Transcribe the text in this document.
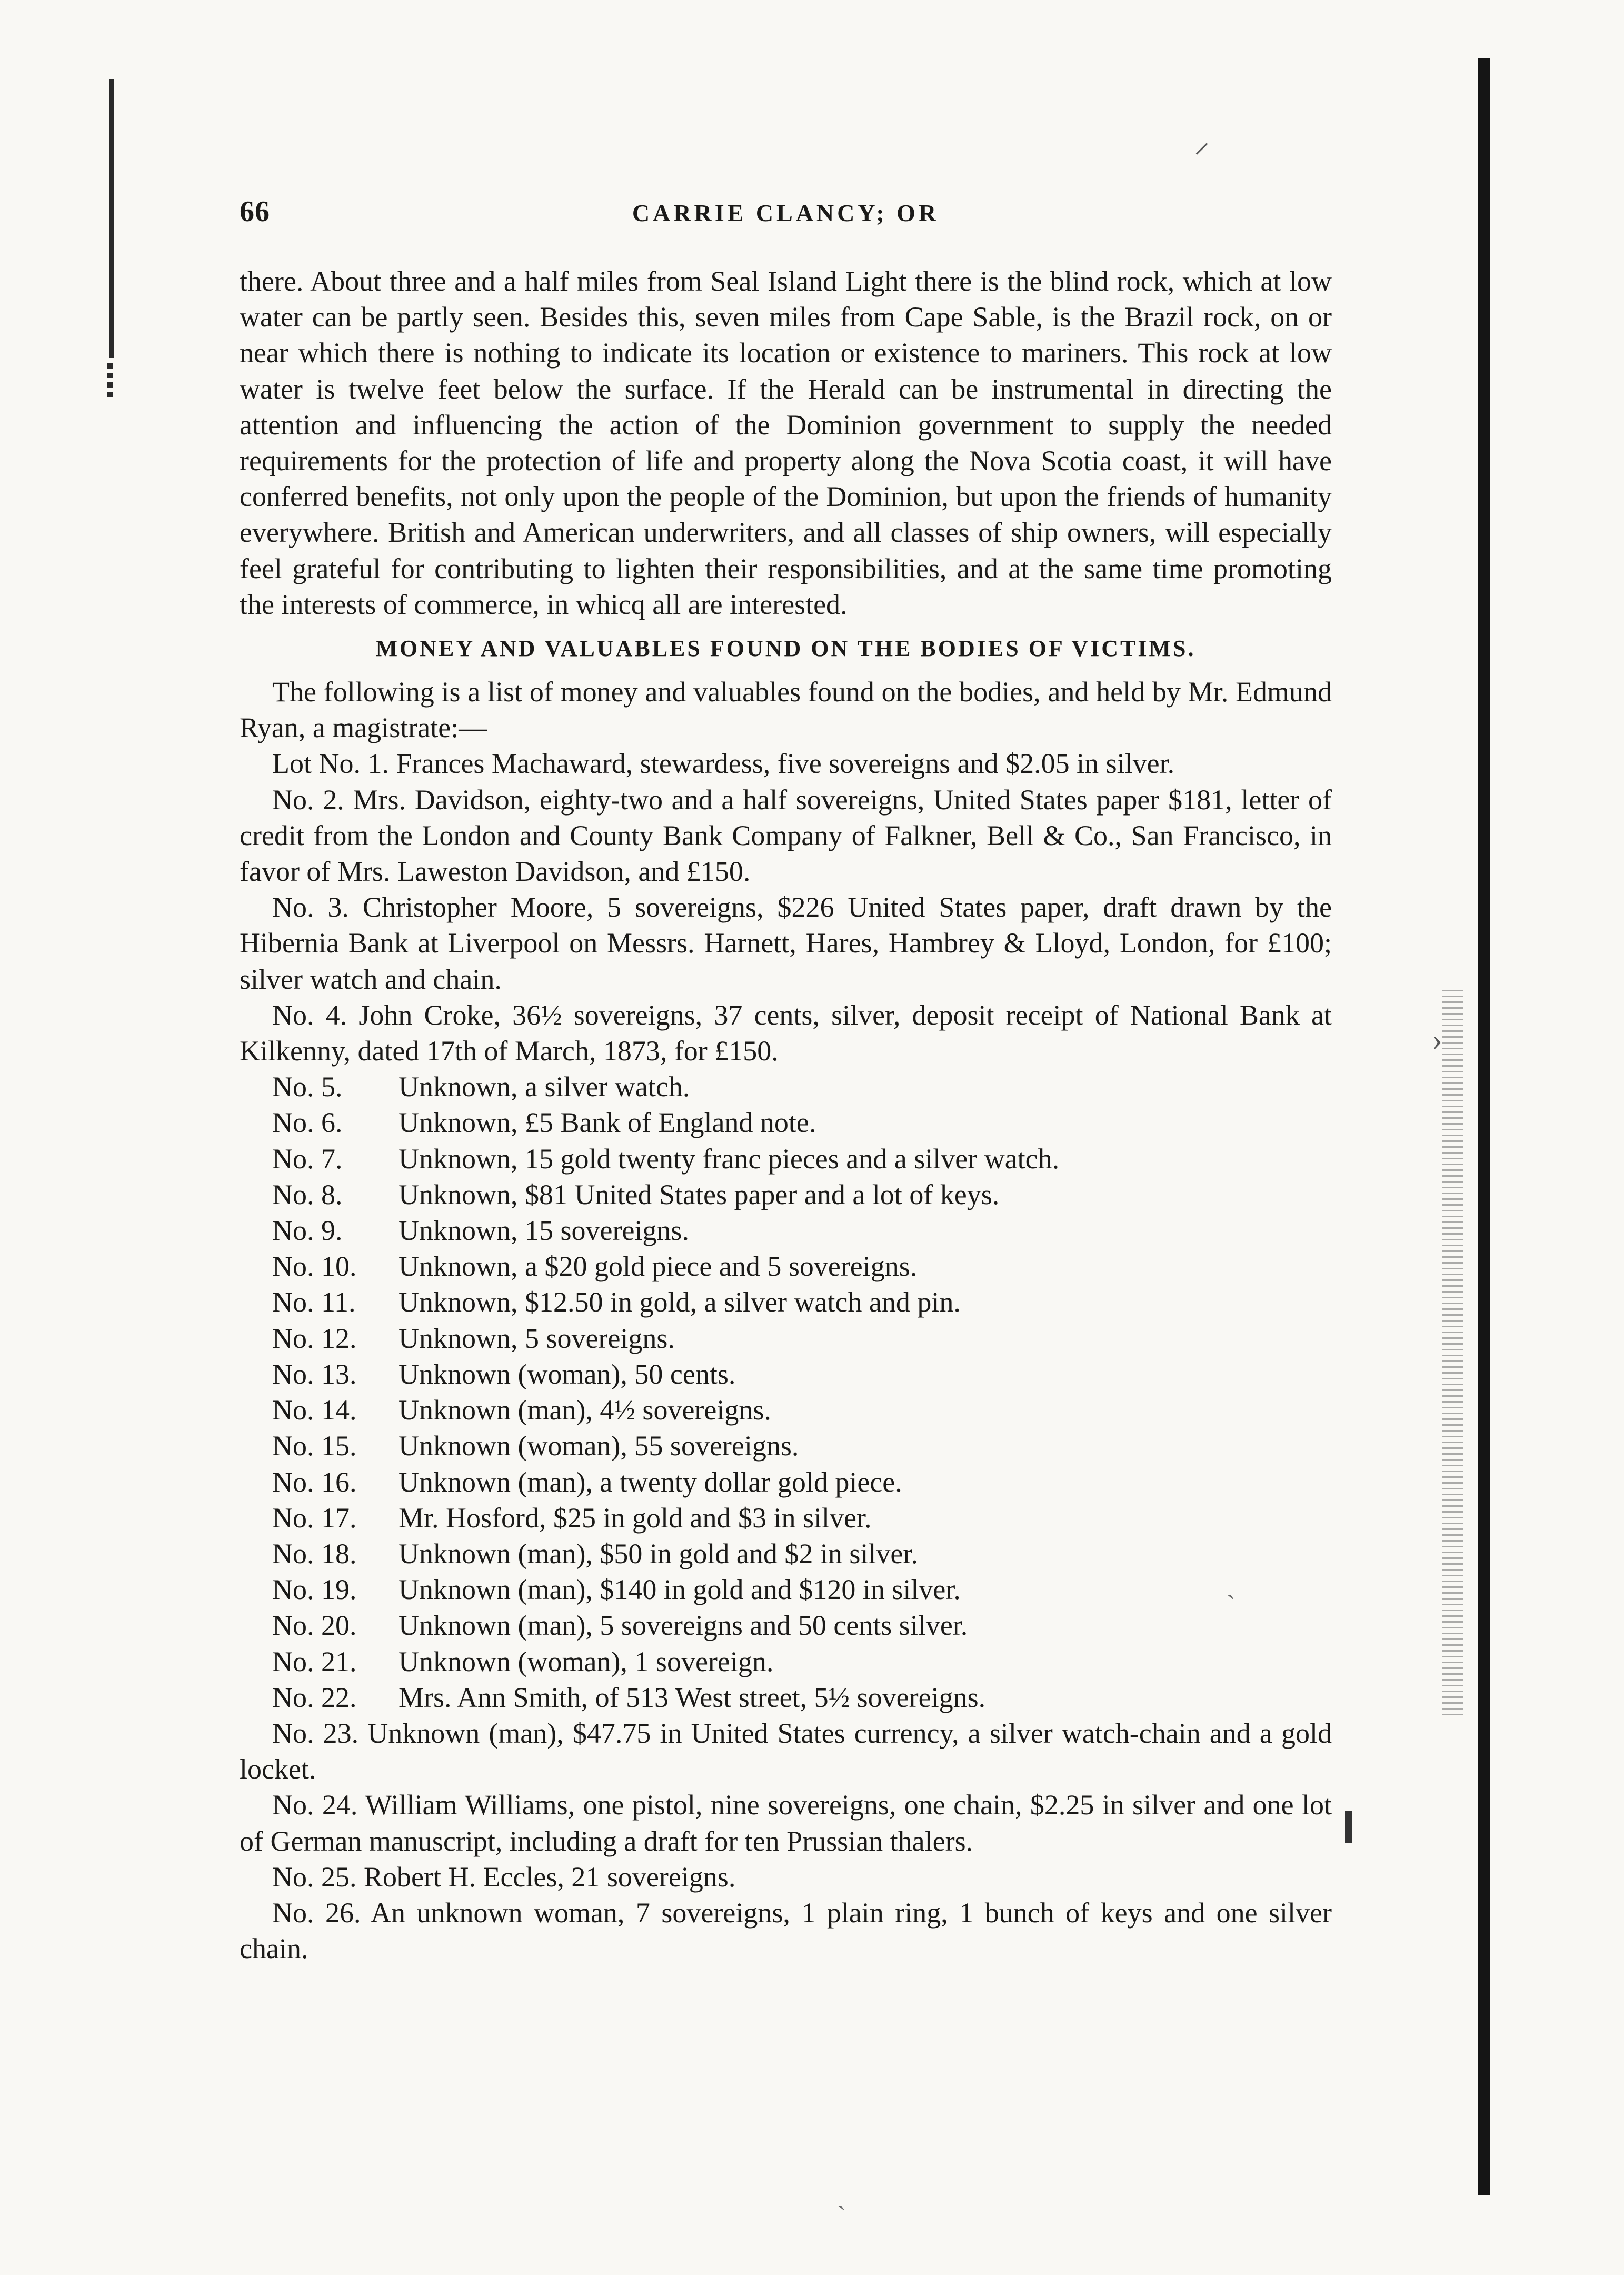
⸝
›
ˎ
ˏ
66	CARRIE CLANCY; OR

there. About three and a half miles from Seal Island Light there is the blind rock, which at low water can be partly seen. Besides this, seven miles from Cape Sable, is the Brazil rock, on or near which there is nothing to indicate its location or existence to mariners. This rock at low water is twelve feet below the surface. If the Herald can be instrumental in directing the attention and influencing the action of the Dominion government to supply the needed requirements for the protection of life and property along the Nova Scotia coast, it will have conferred benefits, not only upon the people of the Dominion, but upon the friends of humanity everywhere. British and American underwriters, and all classes of ship owners, will especially feel grateful for contributing to lighten their responsibilities, and at the same time promoting the interests of commerce, in whicq all are interested.

MONEY AND VALUABLES FOUND ON THE BODIES OF VICTIMS.

The following is a list of money and valuables found on the bodies, and held by Mr. Edmund Ryan, a magistrate:—

Lot No. 1. Frances Machaward, stewardess, five sovereigns and $2.05 in silver.

No. 2. Mrs. Davidson, eighty-two and a half sovereigns, United States paper $181, letter of credit from the London and County Bank Company of Falkner, Bell & Co., San Francisco, in favor of Mrs. Laweston Davidson, and £150.

No. 3. Christopher Moore, 5 sovereigns, $226 United States paper, draft drawn by the Hibernia Bank at Liverpool on Messrs. Harnett, Hares, Hambrey & Lloyd, London, for £100; silver watch and chain.

No. 4. John Croke, 36½ sovereigns, 37 cents, silver, deposit receipt of National Bank at Kilkenny, dated 17th of March, 1873, for £150.

No. 5. Unknown, a silver watch.

No. 6. Unknown, £5 Bank of England note.

No. 7. Unknown, 15 gold twenty franc pieces and a silver watch.

No. 8. Unknown, $81 United States paper and a lot of keys.

No. 9. Unknown, 15 sovereigns.

No. 10. Unknown, a $20 gold piece and 5 sovereigns.

No. 11. Unknown, $12.50 in gold, a silver watch and pin.

No. 12. Unknown, 5 sovereigns.

No. 13. Unknown (woman), 50 cents.

No. 14. Unknown (man), 4½ sovereigns.

No. 15. Unknown (woman), 55 sovereigns.

No. 16. Unknown (man), a twenty dollar gold piece.

No. 17. Mr. Hosford, $25 in gold and $3 in silver.

No. 18. Unknown (man), $50 in gold and $2 in silver.

No. 19. Unknown (man), $140 in gold and $120 in silver.

No. 20. Unknown (man), 5 sovereigns and 50 cents silver.

No. 21. Unknown (woman), 1 sovereign.

No. 22. Mrs. Ann Smith, of 513 West street, 5½ sovereigns.

No. 23. Unknown (man), $47.75 in United States currency, a silver watch-chain and a gold locket.

No. 24. William Williams, one pistol, nine sovereigns, one chain, $2.25 in silver and one lot of German manuscript, including a draft for ten Prussian thalers.

No. 25. Robert H. Eccles, 21 sovereigns.

No. 26. An unknown woman, 7 sovereigns, 1 plain ring, 1 bunch of keys and one silver chain.
